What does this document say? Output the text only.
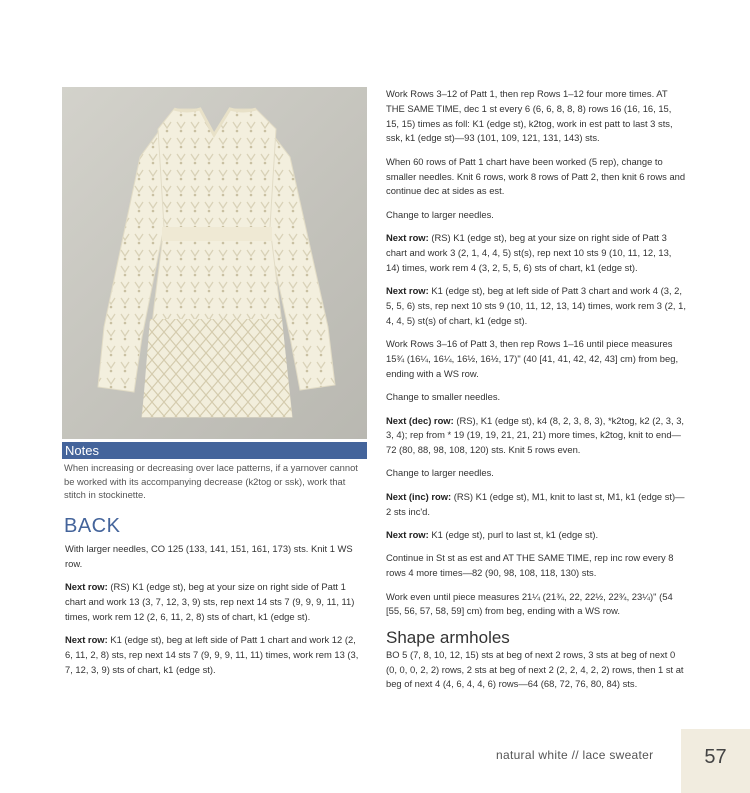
Notes
When increasing or decreasing over lace patterns, if a yarnover cannot be worked with its accompanying decrease (k2tog or ssk), work that stitch in stockinette.
BACK

With larger needles, CO 125 (133, 141, 151, 161, 173) sts. Knit 1 WS row.

Next row: (RS) K1 (edge st), beg at your size on right side of Patt 1 chart and work 13 (3, 7, 12, 3, 9) sts, rep next 14 sts 7 (9, 9, 9, 11, 11) times, work rem 12 (2, 6, 11, 2, 8) sts of chart, k1 (edge st).

Next row: K1 (edge st), beg at left side of Patt 1 chart and work 12 (2, 6, 11, 2, 8) sts, rep next 14 sts 7 (9, 9, 9, 11, 11) times, work rem 13 (3, 7, 12, 3, 9) sts of chart, k1 (edge st).

Work Rows 3–12 of Patt 1, then rep Rows 1–12 four more times. AT THE SAME TIME, dec 1 st every 6 (6, 6, 8, 8, 8) rows 16 (16, 16, 15, 15, 15) times as foll: K1 (edge st), k2tog, work in est patt to last 3 sts, ssk, k1 (edge st)—93 (101, 109, 121, 131, 143) sts.

When 60 rows of Patt 1 chart have been worked (5 rep), change to smaller needles. Knit 6 rows, work 8 rows of Patt 2, then knit 6 rows and continue dec at sides as est.

Change to larger needles.

Next row: (RS) K1 (edge st), beg at your size on right side of Patt 3 chart and work 3 (2, 1, 4, 4, 5) st(s), rep next 10 sts 9 (10, 11, 12, 13, 14) times, work rem 4 (3, 2, 5, 5, 6) sts of chart, k1 (edge st).

Next row: K1 (edge st), beg at left side of Patt 3 chart and work 4 (3, 2, 5, 5, 6) sts, rep next 10 sts 9 (10, 11, 12, 13, 14) times, work rem 3 (2, 1, 4, 4, 5) st(s) of chart, k1 (edge st).

Work Rows 3–16 of Patt 3, then rep Rows 1–16 until piece measures 15¾ (16¼, 16¼, 16½, 16½, 17)" (40 [41, 41, 42, 42, 43] cm) from beg, ending with a WS row.

Change to smaller needles.

Next (dec) row: (RS), K1 (edge st), k4 (8, 2, 3, 8, 3), *k2tog, k2 (2, 3, 3, 3, 4); rep from * 19 (19, 19, 21, 21, 21) more times, k2tog, knit to end—72 (80, 88, 98, 108, 120) sts. Knit 5 rows even.

Change to larger needles.

Next (inc) row: (RS) K1 (edge st), M1, knit to last st, M1, k1 (edge st)—2 sts inc'd.

Next row: K1 (edge st), purl to last st, k1 (edge st).

Continue in St st as est and AT THE SAME TIME, rep inc row every 8 rows 4 more times—82 (90, 98, 108, 118, 130) sts.

Work even until piece measures 21¼ (21¾, 22, 22½, 22¾, 23¼)" (54 [55, 56, 57, 58, 59] cm) from beg, ending with a WS row.

Shape armholes

BO 5 (7, 8, 10, 12, 15) sts at beg of next 2 rows, 3 sts at beg of next 0 (0, 0, 0, 2, 2) rows, 2 sts at beg of next 2 (2, 2, 4, 2, 2) rows, then 1 st at beg of next 4 (4, 6, 4, 4, 6) rows—64 (68, 72, 76, 80, 84) sts.

natural white // lace sweater	57
